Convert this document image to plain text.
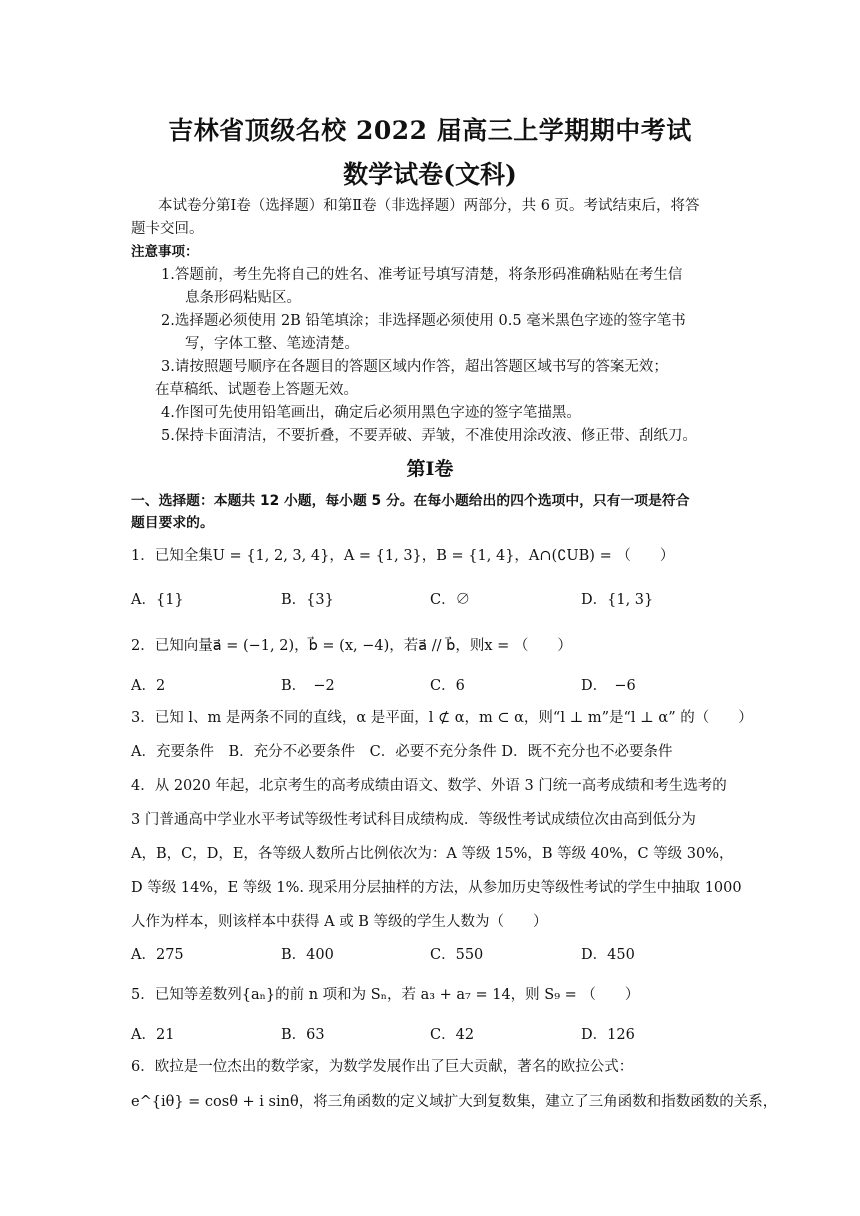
吉林省顶级名校 2022 届高三上学期期中考试
数学试卷(文科)
本试卷分第Ⅰ卷（选择题）和第Ⅱ卷（非选择题）两部分，共 6 页。考试结束后，将答
题卡交回。
注意事项：
1.答题前，考生先将自己的姓名、准考证号填写清楚，将条形码准确粘贴在考生信
息条形码粘贴区。
2.选择题必须使用 2B 铅笔填涂；非选择题必须使用 0.5 毫米黑色字迹的签字笔书
写，字体工整、笔迹清楚。
3.请按照题号顺序在各题目的答题区域内作答，超出答题区域书写的答案无效；
在草稿纸、试题卷上答题无效。
4.作图可先使用铅笔画出，确定后必须用黑色字迹的签字笔描黑。
5.保持卡面清洁，不要折叠，不要弄破、弄皱，不准使用涂改液、修正带、刮纸刀。
第Ⅰ卷
一、选择题：本题共 12 小题，每小题 5 分。在每小题给出的四个选项中，只有一项是符合
题目要求的。
1．已知全集U = {1, 2, 3, 4}，A = {1, 3}，B = {1, 4}，A∩(∁UB) = （　　）
A．{1}	B．{3}	C．∅	D．{1, 3}
2．已知向量a⃗ = (−1, 2)，b⃗ = (x, −4)，若a⃗ // b⃗，则x = （　　）
A．2	B．　−2	C．6	D．　−6
3．已知 l、m 是两条不同的直线，α 是平面，l ⊄ α，m ⊂ α，则“l ⊥ m”是“l ⊥ α” 的（　　）
A．充要条件　B．充分不必要条件　C．必要不充分条件 D．既不充分也不必要条件
4．从 2020 年起，北京考生的高考成绩由语文、数学、外语 3 门统一高考成绩和考生选考的
3 门普通高中学业水平考试等级性考试科目成绩构成．等级性考试成绩位次由高到低分为
A，B，C，D，E，各等级人数所占比例依次为：A 等级 15%，B 等级 40%，C 等级 30%，
D 等级 14%，E 等级 1%. 现采用分层抽样的方法，从参加历史等级性考试的学生中抽取 1000
人作为样本，则该样本中获得 A 或 B 等级的学生人数为（　　）
A．275	B．400	C．550	D．450
5．已知等差数列{aₙ}的前 n 项和为 Sₙ，若 a₃ + a₇ = 14，则 S₉ = （　　）
A．21	B．63	C．42	D．126
6．欧拉是一位杰出的数学家，为数学发展作出了巨大贡献，著名的欧拉公式：
e^{iθ} = cosθ + i sinθ，将三角函数的定义域扩大到复数集，建立了三角函数和指数函数的关系，
